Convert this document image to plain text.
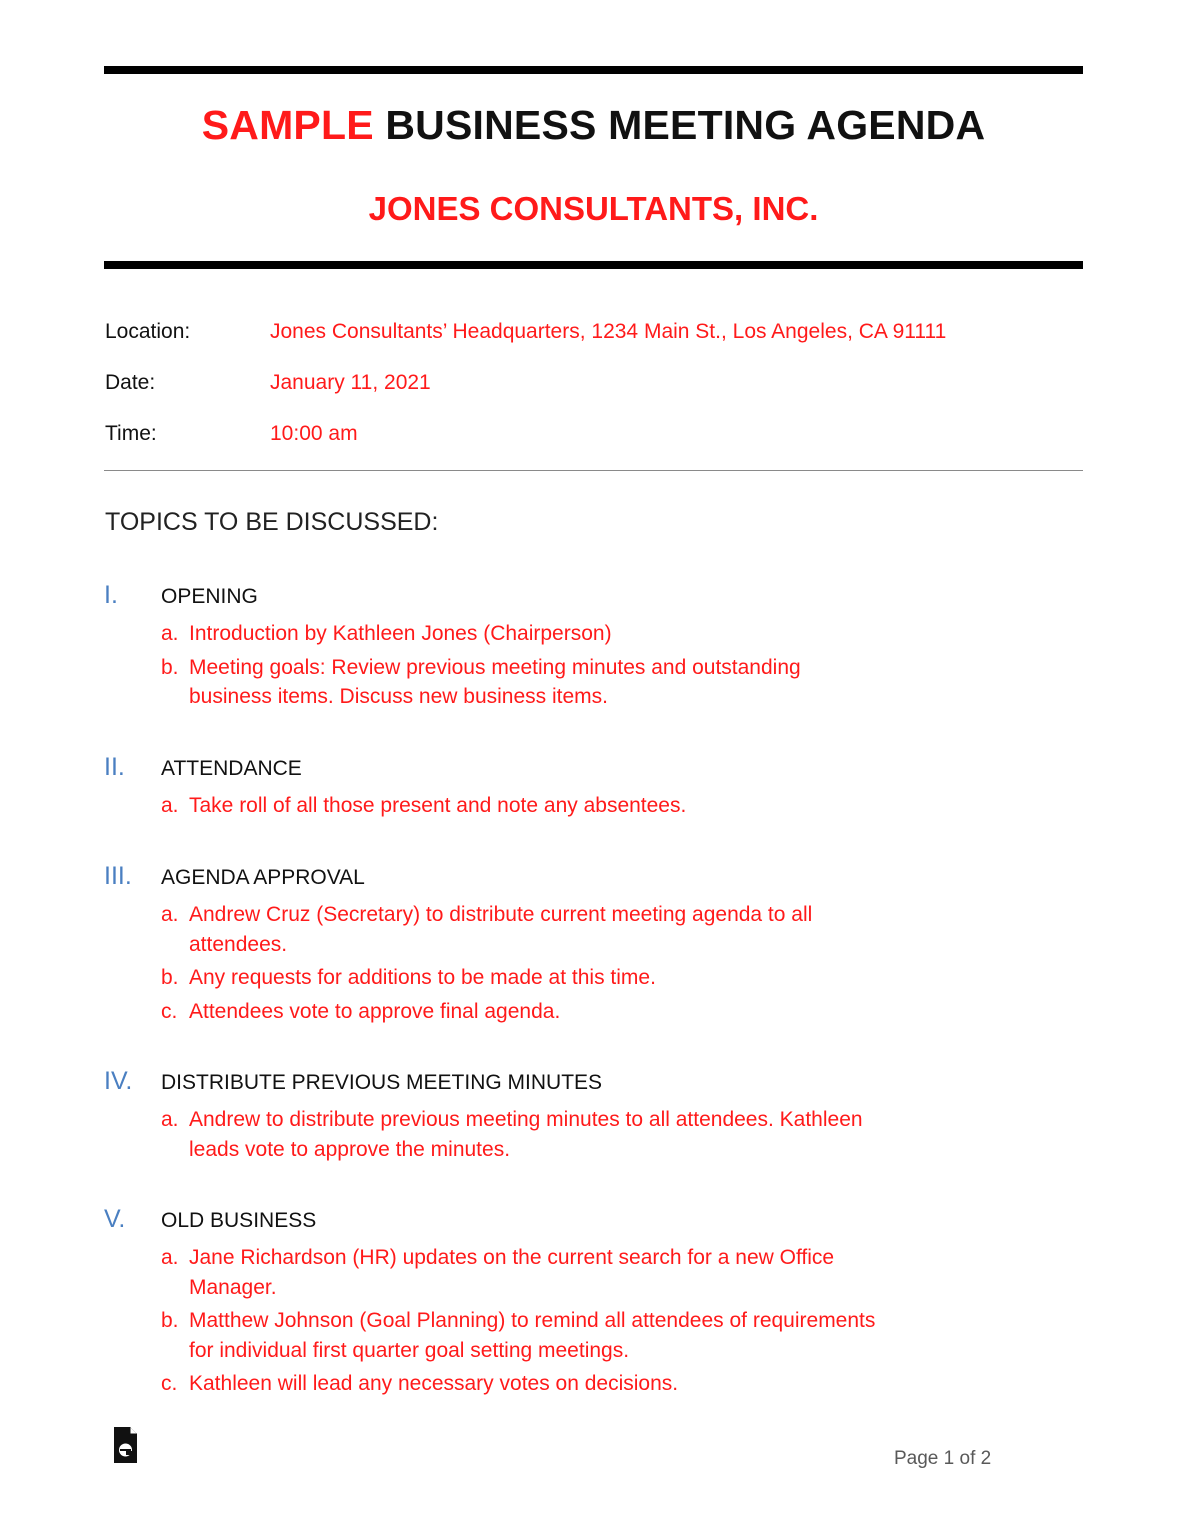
SAMPLE BUSINESS MEETING AGENDA
JONES CONSULTANTS, INC.
Location:	Jones Consultants’ Headquarters, 1234 Main St., Los Angeles, CA 91111
Date:	January 11, 2021
Time:	10:00 am
TOPICS TO BE DISCUSSED:
I. OPENING
a. Introduction by Kathleen Jones (Chairperson)
b. Meeting goals: Review previous meeting minutes and outstanding business items. Discuss new business items.
II. ATTENDANCE
a. Take roll of all those present and note any absentees.
III. AGENDA APPROVAL
a. Andrew Cruz (Secretary) to distribute current meeting agenda to all attendees.
b. Any requests for additions to be made at this time.
c. Attendees vote to approve final agenda.
IV. DISTRIBUTE PREVIOUS MEETING MINUTES
a. Andrew to distribute previous meeting minutes to all attendees. Kathleen leads vote to approve the minutes.
V. OLD BUSINESS
a. Jane Richardson (HR) updates on the current search for a new Office Manager.
b. Matthew Johnson (Goal Planning) to remind all attendees of requirements for individual first quarter goal setting meetings.
c. Kathleen will lead any necessary votes on decisions.
Page 1 of 2
